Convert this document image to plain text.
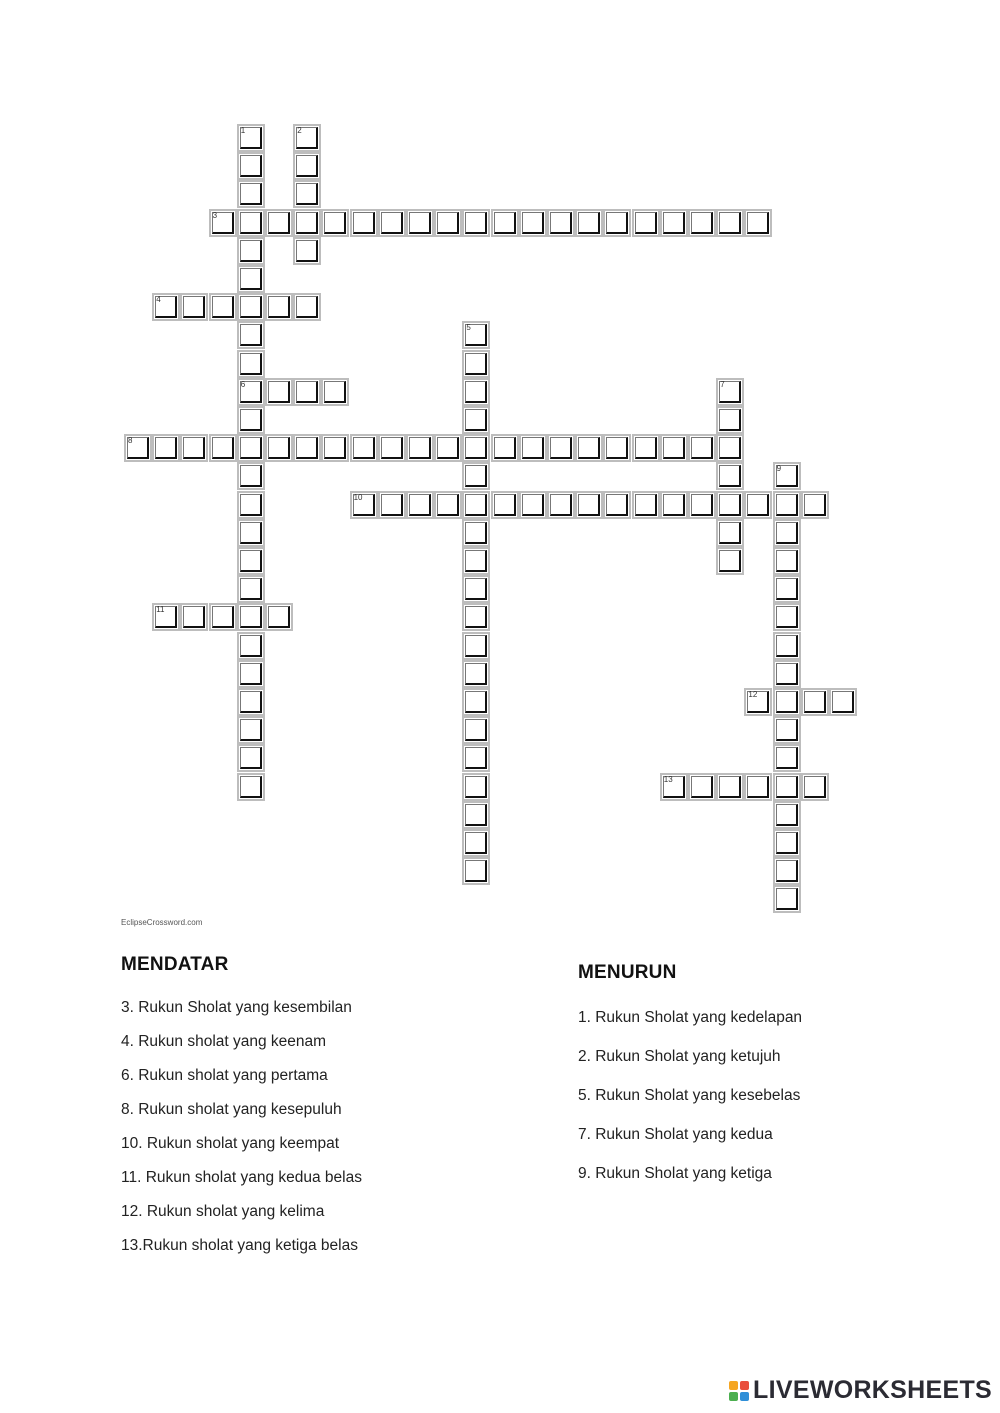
1
6
2
3
4
5
7
8
9
10
11
12
13
EclipseCrossword.com
MENDATAR
3. Rukun Sholat yang kesembilan
4. Rukun sholat yang keenam
6. Rukun sholat yang pertama
8. Rukun sholat yang kesepuluh
10. Rukun sholat yang keempat
11. Rukun sholat yang kedua belas
12. Rukun sholat yang kelima
13.Rukun sholat yang ketiga belas
MENURUN
1. Rukun Sholat yang kedelapan
2. Rukun Sholat yang ketujuh
5. Rukun Sholat yang kesebelas
7. Rukun Sholat yang kedua
9. Rukun Sholat yang ketiga
LIVEWORKSHEETS
